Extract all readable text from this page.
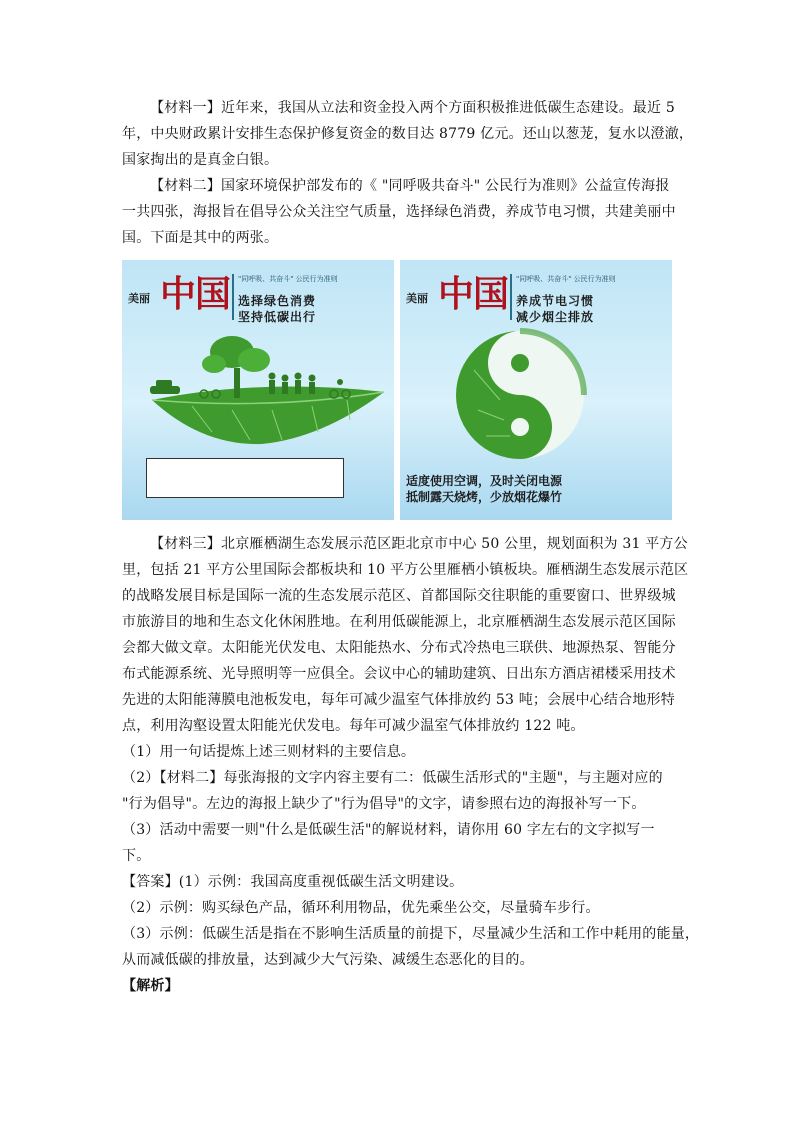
【材料一】近年来，我国从立法和资金投入两个方面积极推进低碳生态建设。最近 5
年，中央财政累计安排生态保护修复资金的数目达 8779 亿元。还山以葱茏，复水以澄澈，
国家掏出的是真金白银。
【材料二】国家环境保护部发布的《 "同呼吸共奋斗" 公民行为准则》公益宣传海报
一共四张，海报旨在倡导公众关注空气质量，选择绿色消费，养成节电习惯，共建美丽中
国。下面是其中的两张。
美丽 中国 "同呼吸、共奋斗" 公民行为准则
选择绿色消费
坚持低碳出行
美丽 中国 "同呼吸、共奋斗" 公民行为准则
养成节电习惯
减少烟尘排放
适度使用空调，及时关闭电源
抵制露天烧烤，少放烟花爆竹
【材料三】北京雁栖湖生态发展示范区距北京市中心 50 公里，规划面积为 31 平方公
里，包括 21 平方公里国际会都板块和 10 平方公里雁栖小镇板块。雁栖湖生态发展示范区
的战略发展目标是国际一流的生态发展示范区、首都国际交往职能的重要窗口、世界级城
市旅游目的地和生态文化休闲胜地。在利用低碳能源上，北京雁栖湖生态发展示范区国际
会都大做文章。太阳能光伏发电、太阳能热水、分布式冷热电三联供、地源热泵、智能分
布式能源系统、光导照明等一应俱全。会议中心的辅助建筑、日出东方酒店裙楼采用技术
先进的太阳能薄膜电池板发电，每年可减少温室气体排放约 53 吨；会展中心结合地形特
点，利用沟壑设置太阳能光伏发电。每年可减少温室气体排放约 122 吨。
（1）用一句话提炼上述三则材料的主要信息。
（2）【材料二】每张海报的文字内容主要有二：低碳生活形式的"主题"，与主题对应的
"行为倡导"。左边的海报上缺少了"行为倡导"的文字，请参照右边的海报补写一下。
（3）活动中需要一则"什么是低碳生活"的解说材料，请你用 60 字左右的文字拟写一
下。
【答案】(1）示例：我国高度重视低碳生活文明建设。
（2）示例：购买绿色产品，循环利用物品，优先乘坐公交，尽量骑车步行。
（3）示例：低碳生活是指在不影响生活质量的前提下，尽量减少生活和工作中耗用的能量，
从而减低碳的排放量，达到减少大气污染、减缓生态恶化的目的。
【解析】
